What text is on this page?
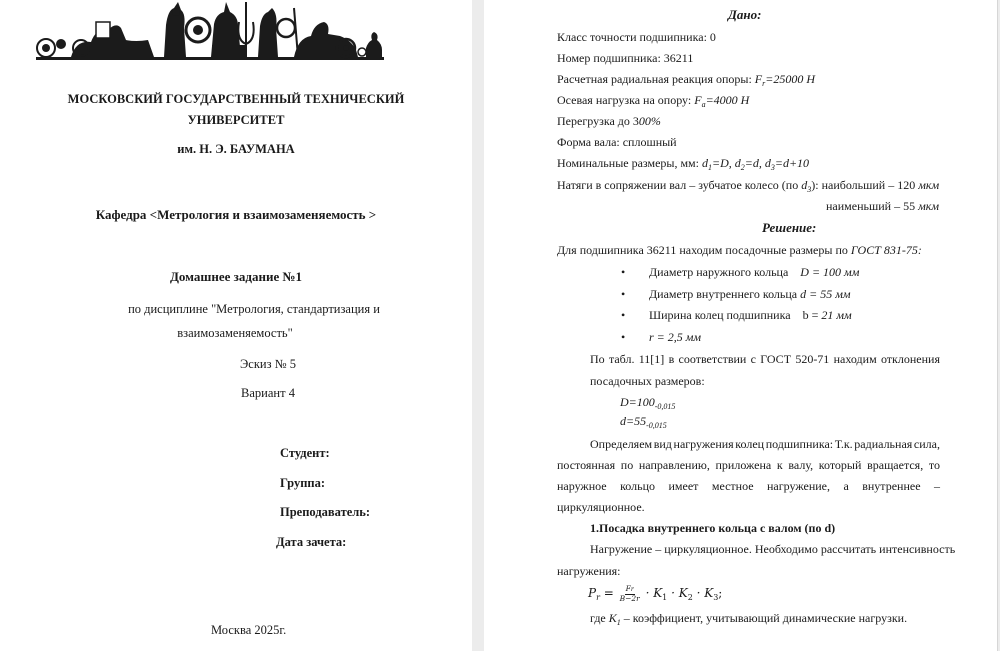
МОСКОВСКИЙ ГОСУДАРСТВЕННЫЙ ТЕХНИЧЕСКИЙ
УНИВЕРСИТЕТ
им. Н. Э. БАУМАНА
Кафедра <Метрология и взаимозаменяемость >
Домашнее задание №1
по дисциплине "Метрология, стандартизация и
взаимозаменяемость"
Эскиз № 5
Вариант 4
Студент:
Группа:
Преподаватель:
Дата зачета:
Москва 2025г.
Дано:
Класс точности подшипника: 0
Номер подшипника: 36211
Расчетная радиальная реакция опоры: $F_r=25000$ Н
Осевая нагрузка на опору: $F_a=4000$ Н
Перегрузка до 300%
Форма вала: сплошный
Номинальные размеры, мм: $d_1=D$, $d_2=d$, $d_3=d+10$
Натяги в сопряжении вал – зубчатое колесо (по $d_3$): наибольший – 120 мкм
наименьший – 55 мкм
Решение:
Для подшипника 36211 находим посадочные размеры по ГОСТ 831-75:
• Диаметр наружного кольца    D = 100 мм
• Диаметр внутреннего кольца d = 55 мм
• Ширина колец подшипника    b = 21 мм
• r = 2,5 мм
По табл. 11[1] в соответствии с ГОСТ 520-71 находим отклонения
посадочных размеров:
$D=100_{-0,015}$
$d=55_{-0,015}$
Определяем вид нагружения колец подшипника: Т.к. радиальная сила,
постоянная по направлению, приложена к валу, который вращается, то
наружное кольцо имеет местное нагружение, а внутреннее –
циркуляционное.
1.Посадка внутреннего кольца с валом (по d)
Нагружение – циркуляционное. Необходимо рассчитать интенсивность
нагружения:
$P_r = \frac{Fr}{B-2r} \cdot K_1 \cdot K_2 \cdot K_3$;
где $K_1$ – коэффициент, учитывающий динамические нагрузки.
